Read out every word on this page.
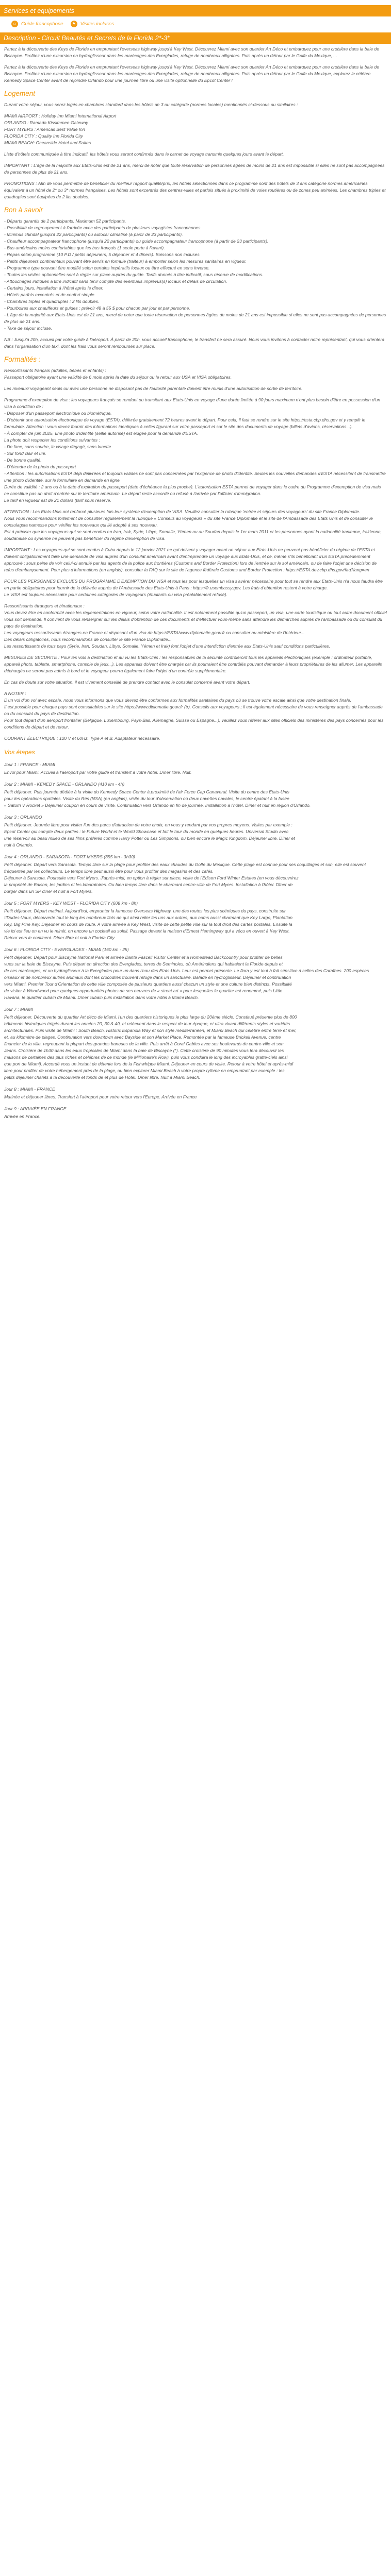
Services et equipements
☺ Guide francophone	⚑ Visites incluses
Description - Circuit Beautés et Secrets de la Floride 2*-3*

Partez à la découverte des Keys de Floride en empruntant l'overseas highway jusqu'à Key West. Découvrez Miami avec son quartier Art Déco et embarquez pour une croisière dans la baie de Biscayne. Profitez d'une excursion en hydroglisseur dans les marécages des Everglades, refuge de nombreux alligators. Puis après un détour par le Golfe du Mexique, ...

Partez à la découverte des Keys de Floride en empruntant l'overseas highway jusqu'à Key West. Découvrez Miami avec son quartier Art Déco et embarquez pour une croisière dans la baie de Biscayne. Profitez d'une excursion en hydroglisseur dans les marécages des Everglades, refuge de nombreux alligators. Puis après un détour par le Golfe du Mexique, explorez le célèbre Kennedy Space Center avant de rejoindre Orlando pour une journée libre ou une visite optionnelle du Epcot Center !

Logement

Durant votre séjour, vous serez logés en chambres standard dans les hôtels de 3 ou catégorie (normes locales) mentionnés ci-dessous ou similaires :

MIAMI AIRPORT : Holiday Inn Miami International Airport
ORLANDO : Ramada Kissimmee Gateway
FORT MYERS : Americas Best Value Inn
FLORIDA CITY : Quality Inn Florida City
MIAMI BEACH: Oceanside Hotel and Suites

Liste d'hôtels communiquée à titre indicatif, les hôtels vous seront confirmés dans le carnet de voyage transmis quelques jours avant le départ.

IMPORTANT : L'âge de la majorité aux Etats-Unis est de 21 ans, merci de noter que toute réservation de personnes âgées de moins de 21 ans est impossible si elles ne sont pas accompagnées de personnes de plus de 21 ans.

PROMOTIONS : Afin de vous permettre de bénéficier du meilleur rapport qualité/prix, les hôtels sélectionnés dans ce programme sont des hôtels de 3 ans catégorie normes américaines équivalent à un hôtel de 2* ou 3* normes françaises. Les hôtels sont excentrés des centres-villes et parfois situés à proximité de voies routières ou de zones peu animées. Les chambres triples et quadruples sont équipées de 2 lits doubles.

Bon à savoir

- Départs garantis de 2 participants. Maximum 52 participants.
- Possibilité de regroupement à l'arrivée avec des participants de plusieurs voyagistes francophones.
- Minimus chindal (jusqu'à 22 participants) ou autocar climatisé (à partir de 23 participants).
- Chauffeur accompagnateur francophone (jusqu'à 22 participants) ou guide accompagnateur francophone (à partir de 23 participants).
- Bus américains moins confortables que les bus français (1 seule porte à l'avant).
- Repas selon programme (10 P.D / petits déjeuners, 5 déjeuner et 4 dîners). Boissons non incluses.
- Petits déjeuners continentaux pouvant être servis en formule (traiteur) à emporter selon les mesures sanitaires en vigueur.
- Programme type pouvant être modifié selon certains impératifs locaux ou être effectué en sens inverse.
- Toutes les visites optionnelles sont à régler sur place auprès du guide. Tarifs donnés à titre indicatif, sous réserve de modifications.
- Attouchages indiqués à titre indicatif sans tenir compte des éventuels imprévus(s) locaux et délais de circulation.
- Certains jours, installation à l'hôtel après le dîner.
- Hôtels parfois excentrés et de confort simple.
- Chambres triples et quadruples : 2 lits doubles.
- Pourboires aux chauffeurs et guides : prévoir 48 à 55 $ pour chacun par jour et par personne.
- L'âge de la majorité aux Etats-Unis est de 21 ans, merci de noter que toute réservation de personnes âgées de moins de 21 ans est impossible si elles ne sont pas accompagnées de personnes de plus de 21 ans.
- Taxe de séjour incluse.

NB : Jusqu'à 20h, accueil par votre guide à l'aéroport. À partir de 20h, vous accueil francophone, le transfert ne sera assuré. Nous vous invitons à contacter notre représentant, qui vous orientera dans l'organisation d'un taxi, dont les frais vous seront remboursés sur place.

Formalités :

Ressortissants français (adultes, bébés et enfants) :
Passeport obligatoire ayant une validité de 6 mois après la date du séjour ou le retour aux USA et VISA obligatoires.

Les niveaux/ voyageant seuls ou avec une personne ne disposant pas de l'autorité parentale doivent être munis d'une autorisation de sortie de territoire.

Programme d'exemption de visa : les voyageurs français se rendant ou transitant aux Etats-Unis en voyage d'une durée limitée à 90 jours maximum n'ont plus besoin d'être en possession d'un visa à condition de :
- Disposer d'un passeport électronique ou biométrique.
- D'obtenir une autorisation électronique de voyage (ESTA), délivrée gratuitement 72 heures avant le départ. Pour cela, il faut se rendre sur le site https://esta.cbp.dhs.gov et y remplir le formulaire. Attention : vous devez fournir des informations identiques à celles figurant sur votre passeport et sur le site des documents de voyage (billets d'avions, réservations...).
- À compter de juin 2025, une photo d'identité (selfie autorisé) est exigée pour la demande d'ESTA.
La photo doit respecter les conditions suivantes :
- De face, sans sourire, le visage dégagé, sans lunette
- Sur fond clair et uni.
- De bonne qualité.
- D'étendre de la photo du passeport
- Attention : les autorisations ESTA déjà délivrées et toujours valides ne sont pas concernées par l'exigence de photo d'identité. Seules les nouvelles demandes d'ESTA nécessitent de transmettre une photo d'identité, sur le formulaire en demande en ligne.
Durée de validité : 2 ans ou à la date d'expiration du passeport (date d'échéance la plus proche). L'autorisation ESTA permet de voyager dans le cadre du Programme d'exemption de visa mais ne constitue pas un droit d'entrée sur le territoire américain. Le départ reste accordé ou refusé à l'arrivée par l'officier d'immigration.
Le tarif en vigueur est de 21 dollars (tarif sous réserve.

ATTENTION : Les Etats-Unis ont renforcé plusieurs fois leur système d'exemption de VISA. Veuillez consulter la rubrique 'entrée et séjours des voyageurs' du site France Diplomatie.
Nous vous recommandons fortement de consulter régulièrement la rubrique « Conseils au voyageurs » du site France Diplomatie et le site de l'Ambassade des Etats Unis et de consulter le consulagsta namesse pour vérifier les nouveaux qui lié adopté à ses nouveau.
Est à préciser que les voyageurs qui se sont rendus en Iran, Irak, Syrie, Libye, Somalie, Yémen ou au Soudan depuis le 1er mars 2011 et les personnes ayant la nationalité iranienne, irakienne, soudanaise ou syrienne ne peuvent pas bénéficier du régime d'exemption de visa.

IMPORTANT : Les voyageurs qui se sont rendus à Cuba depuis le 12 janvier 2021 ne qui doivent y voyager avant un séjour aux Etats-Unis ne peuvent pas bénéficier du régime de l'ESTA et doivent obligatoirement faire une demande de visa auprès d'un consulat américain avant d'entreprendre un voyage aux Etats-Unis, et ce, même s'ils bénéficiant d'un ESTA précédemment approuvé ; sous peine de voir celui-ci annulé par les agents de la police aux frontières (Customs and Border Protection) lors de l'entrée sur le sol américain, ou de faire l'objet une décision de refus d'embarquement. Pour plus d'informations (en anglais), consulter la FAQ sur le site de l'agence fédérale Customs and Border Protection : https://ESTA.dev.cbp.dhs.gov/faq?lang=en

POUR LES PERSONNES EXCLUES DU PROGRAMME D'EXEMPTION DU VISA et tous les pour lesquelles un visa s'avérer nécessaire pour tout se rendre aux Etats-Unis n'a nous faudra être en partie obligatoires pour fournir de la délivrée auprès de l'Ambassade des Etats-Unis à Paris : https://fr.usembassy.gov. Les frais d'obtention restent à votre charge.
Le VISA est toujours nécessaire pour certaines catégories de voyageurs (étudiants ou visa préalablement refusé).

Ressortissants étrangers et binationaux :
Vous devez être en conformité avec les réglementations en vigueur, selon votre nationalité. Il est notamment possible qu'un passeport, un visa, une carte touristique ou tout autre document officiel vous soit demandé. Il convient de vous renseigner sur les délais d'obtention de ces documents et d'effectuer vous-même sans attendre les démarches auprès de l'ambassade ou du consulat du pays de destination.
Les voyageurs ressortissants étrangers en France et disposant d'un visa de https://ESTA/www.diplomatie.gouv.fr ou consulter au ministère de l'Intérieur...
Des délais obligatoires, nous recommandons de consulter le site France Diplomatie...
Les ressortissants de tous pays (Syrie, Iran, Soudan, Libye, Somalie, Yémen et Irak) font l'objet d'une interdiction d'entrée aux Etats-Unis sauf conditions particulières.

MESURES DE SECURITE : Pour les vols à destination et au vu les Etats-Unis : les responsables de la sécurité contrôleront tous les appareils électroniques (exemple : ordinateur portable, appareil photo, tablette, smartphone, console de jeux...). Les appareils doivent être chargés car ils pourraient être contrôlés pouvant demander à leurs propriétaires de les allumer. Les appareils déchargés ne seront pas admis à bord et le voyageur pourra également faire l'objet d'un contrôle supplémentaire.

En cas de doute sur votre situation, il est vivement conseillé de prendre contact avec le consulat concerné avant votre départ.

A NOTER :
D'un vol d'un vol avec escale, nous vous informons que vous devrez être conformes aux formalités sanitaires du pays où se trouve votre escale ainsi que votre destination finale.
Il est possible pour chaque pays sont consultables sur le site https://www.diplomatie.gouv.fr (tr). Conseils aux voyageurs ; il est également nécessaire de vous renseigner auprès de l'ambassade ou du consulat du pays de destination.
Pour tout départ d'un aéroport frontalier (Belgique, Luxembourg, Pays-Bas, Allemagne, Suisse ou Espagne...), veuillez vous référer aux sites officiels des ministères des pays concernés pour les conditions de départ et de retour.

COURANT ÉLECTRIQUE : 120 V et 60Hz. Type A et B. Adaptateur nécessaire.

Vos étapes
Jour 1 : FRANCE - MIAMI

Envol pour Miami. Accueil à l'aéroport par votre guide et transfert à votre hôtel. Dîner libre. Nuit.

Jour 2 : MIAMI - KENEDY SPACE - ORLANDO (410 km - 4h)

Petit déjeuner. Puis journée dédiée à la visite du Kennedy Space Center à proximité de l'air Force Cap Canaveral. Visite du centre des Etats-Unis
pour les opérations spatiales. Visite du Rés (NSA) (en anglais), visite du tour d'observation où deux navettes navales, le centre épatant à la fusée
« Saturn V Rocket » Déjeuner coupon en cours de visite. Continuation vers Orlando en fin de journée. Installation à l'hôtel. Dîner et nuit en région d'Orlando.

Jour 3 : ORLANDO

Petit déjeuner. Journée libre pour visiter l'un des parcs d'attraction de votre choix, en vous y rendant par vos propres moyens. Visites par exemple :
Epcot Center qui compte deux parties : le Future World et le World Showcase et fait le tour du monde en quelques heures. Universal Studio avec
une réservoir au beau milieu de ses films préférés comme Harry Potter ou Les Simpsons, ou bien encore le Magic Kingdom. Déjeuner libre. Dîner et
nuit à Orlando.

Jour 4 : ORLANDO - SARASOTA - FORT MYERS (355 km - 3h30)

Petit déjeuner. Départ vers Sarasota. Temps libre sur la plage pour profiter des eaux chaudes du Golfe du Mexique. Cette plage est connue pour ses coquillages et son, elle est souvent fréquentée par les collecteurs. Le temps libre peut aussi être pour vous profiter des magasins et des cafés.
Déjeuner à Sarasota. Poursuite vers Fort Myers. J'après-midi, en option à régler sur place, visite de l'Edison Ford Winter Estates (en vous découvrirez
la propriété de Edison, les jardins et les laboratoires. Ou bien temps libre dans le charmant centre-ville de Fort Myers. Installation à l'hôtel. Dîner de
burger dans un SP diner et nuit à Fort Myers.

Jour 5 : FORT MYERS - KEY WEST - FLORIDA CITY (608 km - 8h)

Petit déjeuner. Départ matinal. Aujourd'hui, emprunter la fameuse Overseas Highway, une des routes les plus scéniques du pays, construite sur
!!Dudes-Voux, découverte tout le long les nombreux îlots de qui ainsi relier les uns aux autres, aux noms aussi charmant que Key Largo, Plantation
Key, Big Pine Key. Déjeuner en cours de route. A votre arrivée à Key West, visite de cette petite ville sur la tout droit des cartes postales, Ensuite la
vie ici est lieu on en vu le minét, on encore un cocktail au soleil. Passage devant la maison d'Ernest Hemingway qui a vécu en ouvert à Key West.
Retour vers le continent. Dîner libre et nuit à Florida City.

Jour 6 : FLORIDA CITY - EVERGLADES - MIAMI (160 km - 2h)

Petit déjeuner. Départ pour Biscayne National Park et arrivée Dante Fascell Visitor Center et à Homestead Backcountry pour profiter de belles
vues sur la baie de Biscayne. Puis départ en direction des Everglades, terres de Seminoles, où Amérindiens qui habitaient la Floride depuis et
de ces marécages, et un hydroglisseur à la Everglades pour un dans l'eau des Etats-Unis. Leur est permet présente. Le flora y est tout à fait sénsitive à celles des Caraïbes. 200 espèces
oiseaux et de nombreux autres animaux dont les crocodiles trouvent refuge dans un sanctuaire. Balade en hydroglisseur. Déjeuner et continuation
vers Miami. Premier Tour d'Orientation de cette ville composée de plusieurs quartiers aussi chacun un style et une culture bien distincts. Possibilité
de visiter à Woodwood pour quelques opportunités photos de ses oeuvres de « street art » pour lesquelles le quartier est renommé, puis Little
Havana, le quartier cubain de Miami. Dîner cubain puis installation dans votre hôtel à Miami Beach.

Jour 7 : MIAMI

Petit déjeuner. Découverte du quartier Art déco de Miami, l'un des quartiers historiques le plus large du 20ème siècle. Constitué présente plus de 800
bâtiments historiques érigés durant les années 20, 30 & 40, et reléevent dans le respect de leur époque, et ultra vivant différents styles et variétés
architecturales. Puis visite de Miami : South Beach, Historic Espanola Way et son style méditerranéen, et Miami Beach qui célèbre entre terre et mer,
et, au kilomètre de plages. Continuation vers downtown avec Bayside et son Market Place. Remontée par la fameuse Brickell Avenue, centre
financier de la ville, regroupant la plupart des grandes banques de la ville. Puis arrêt à Coral Gables avec ses boulevards de centre-ville et son
Jeans. Croisière de 1h30 dans les eaux tropicales de Miami dans la baie de Biscayne (*). Cette croisière de 90 minutes vous fera découvrir les
maisons de certaines des plus riches et célébres de ce monde (le Millionaire's Row), puis vous conduira le long des incroyables gratte-ciels ainsi
que port de Miami). Accordé vous un instant de détente lors de la Fishwhippe Miami. Déjeuner en cours de visite. Retour à votre hôtel et après-midi
libre pour profiter de votre hébergement près de la plage, ou bien explorer Miami Beach à votre propre rythme en empruntant par exemple : les
petits déjeuner chalets à la découverte et fonds de et plus de Hotel. Dîner libre. Nuit à Miami Beach.

Jour 8 : MIAMI - FRANCE

Matinée et déjeuner libres. Transfert à l'aéroport pour votre retour vers l'Europe. Arrivée en France

Jour 9 : ARRIVÉE EN FRANCE

Arrivée en France.
